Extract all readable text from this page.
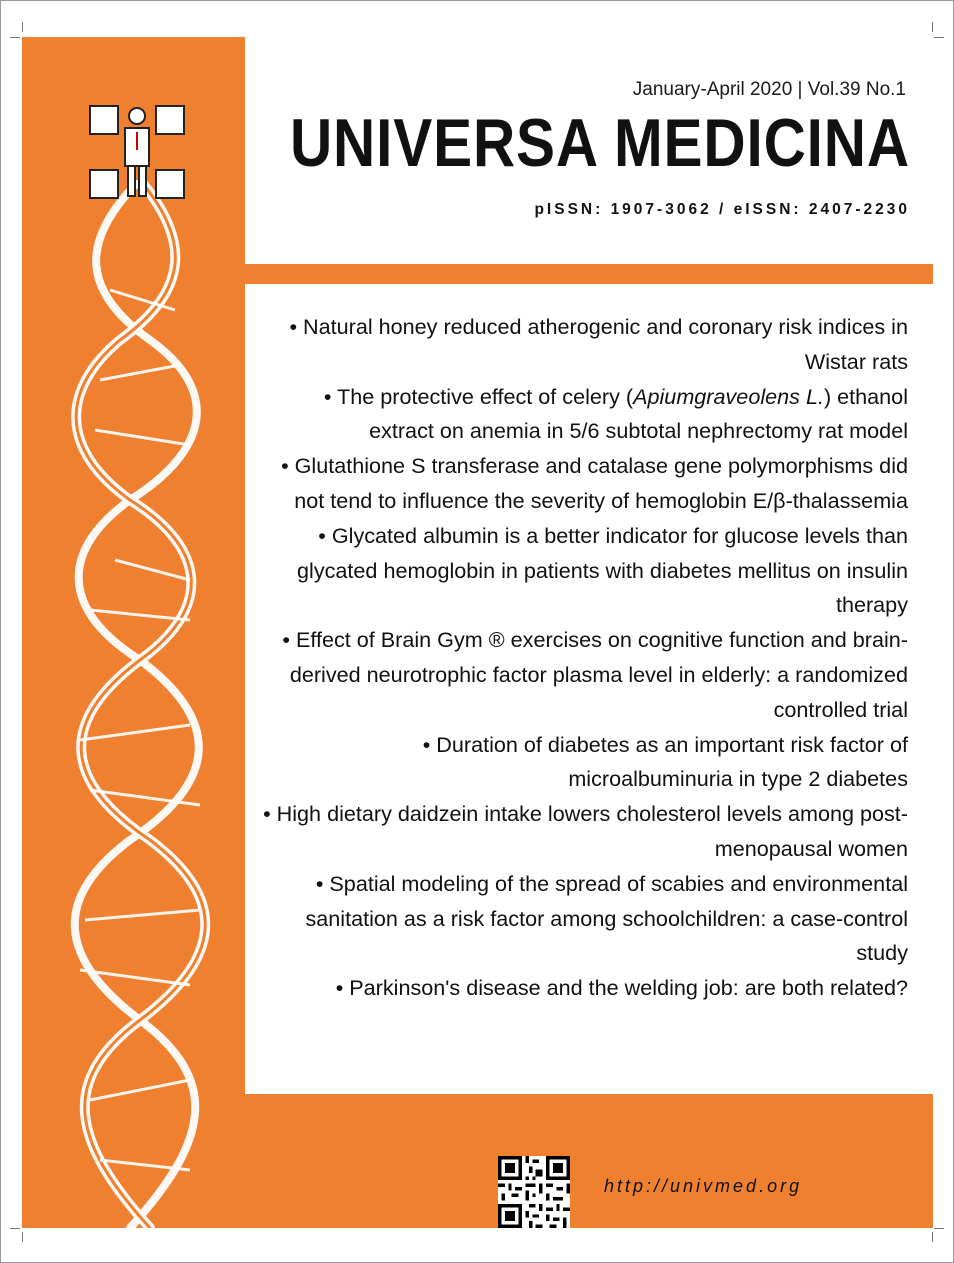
January-April 2020 | Vol.39 No.1
UNIVERSA MEDICINA
pISSN: 1907-3062 / eISSN: 2407-2230
• Natural honey reduced atherogenic and coronary risk indices in Wistar rats
• The protective effect of celery (Apiumgraveolens L.) ethanol extract on anemia in 5/6 subtotal nephrectomy rat model
• Glutathione S transferase and catalase gene polymorphisms did not tend to influence the severity of hemoglobin E/β-thalassemia
• Glycated albumin is a better indicator for glucose levels than glycated hemoglobin in patients with diabetes mellitus on insulin therapy
• Effect of Brain Gym ® exercises on cognitive function and brain-derived neurotrophic factor plasma level in elderly: a randomized controlled trial
• Duration of diabetes as an important risk factor of microalbuminuria in type 2 diabetes
• High dietary daidzein intake lowers cholesterol levels among post-menopausal women
• Spatial modeling of the spread of scabies and environmental sanitation as a risk factor among schoolchildren: a case-control study
• Parkinson's disease and the welding job: are both related?
http://univmed.org
